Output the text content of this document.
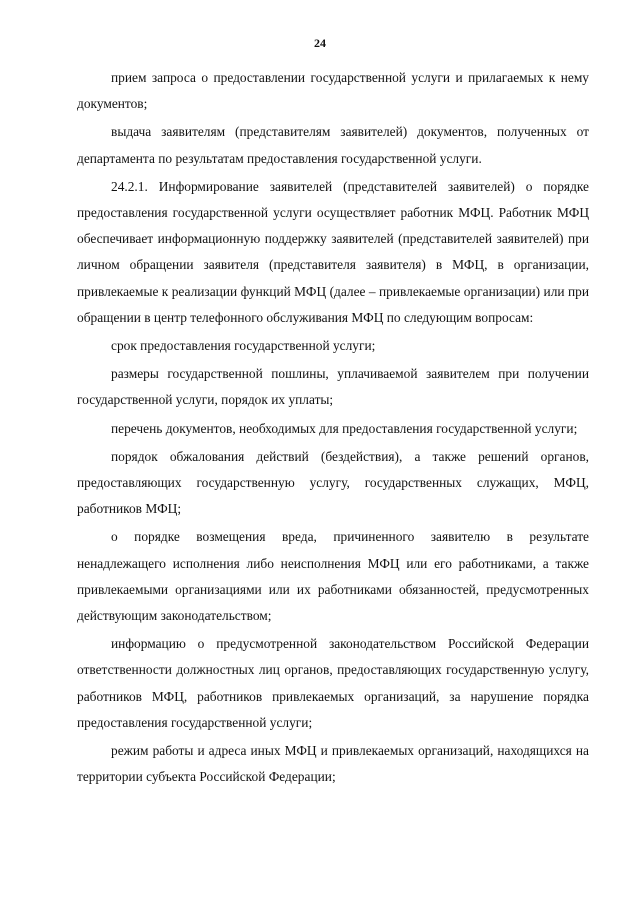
24

прием запроса о предоставлении государственной услуги и прилагаемых к нему документов;

выдача заявителям (представителям заявителей) документов, полученных от департамента по результатам предоставления государственной услуги.

24.2.1. Информирование заявителей (представителей заявителей) о порядке предоставления государственной услуги осуществляет работник МФЦ. Работник МФЦ обеспечивает информационную поддержку заявителей (представителей заявителей) при личном обращении заявителя (представителя заявителя) в МФЦ, в организации, привлекаемые к реализации функций МФЦ (далее – привлекаемые организации) или при обращении в центр телефонного обслуживания МФЦ по следующим вопросам:

срок предоставления государственной услуги;

размеры государственной пошлины, уплачиваемой заявителем при получении государственной услуги, порядок их уплаты;

перечень документов, необходимых для предоставления государственной услуги;

порядок обжалования действий (бездействия), а также решений органов, предоставляющих государственную услугу, государственных служащих, МФЦ, работников МФЦ;

о порядке возмещения вреда, причиненного заявителю в результате ненадлежащего исполнения либо неисполнения МФЦ или его работниками, а также привлекаемыми организациями или их работниками обязанностей, предусмотренных действующим законодательством;

информацию о предусмотренной законодательством Российской Федерации ответственности должностных лиц органов, предоставляющих государственную услугу, работников МФЦ, работников привлекаемых организаций, за нарушение порядка предоставления государственной услуги;

режим работы и адреса иных МФЦ и привлекаемых организаций, находящихся на территории субъекта Российской Федерации;
